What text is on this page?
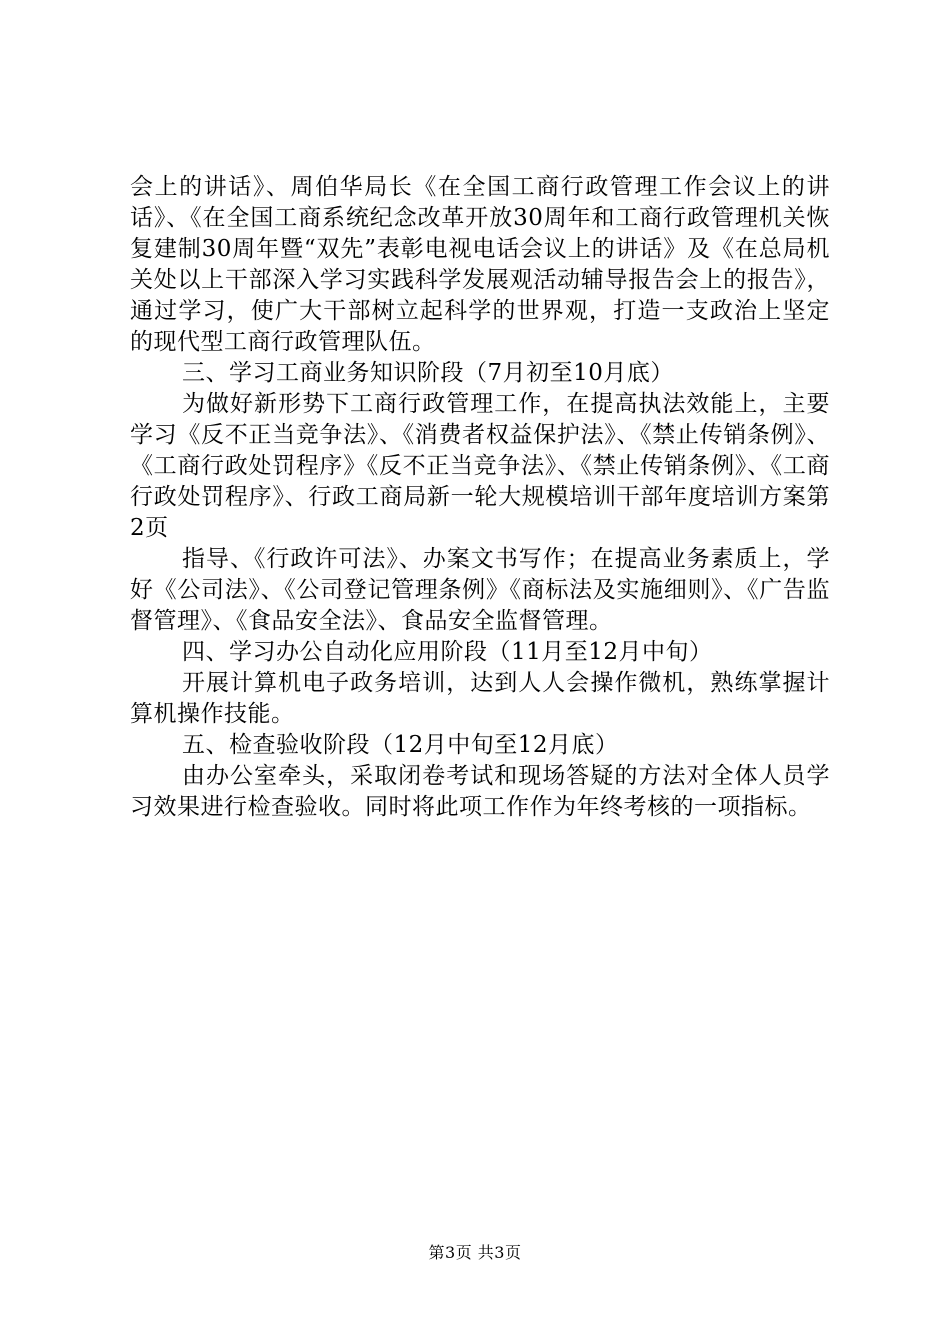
会上的讲话》、周伯华局长《在全国工商行政管理工作会议上的讲话》、《在全国工商系统纪念改革开放30周年和工商行政管理机关恢复建制30周年暨“双先”表彰电视电话会议上的讲话》及《在总局机关处以上干部深入学习实践科学发展观活动辅导报告会上的报告》，通过学习，使广大干部树立起科学的世界观，打造一支政治上坚定的现代型工商行政管理队伍。

三、学习工商业务知识阶段（7月初至10月底）

为做好新形势下工商行政管理工作，在提高执法效能上，主要学习《反不正当竞争法》、《消费者权益保护法》、《禁止传销条例》、《工商行政处罚程序》《反不正当竞争法》、《禁止传销条例》、《工商行政处罚程序》、行政工商局新一轮大规模培训干部年度培训方案第2页

指导、《行政许可法》、办案文书写作；在提高业务素质上，学好《公司法》、《公司登记管理条例》《商标法及实施细则》、《广告监督管理》、《食品安全法》、食品安全监督管理。

四、学习办公自动化应用阶段（11月至12月中旬）

开展计算机电子政务培训，达到人人会操作微机，熟练掌握计算机操作技能。

五、检查验收阶段（12月中旬至12月底）

由办公室牵头，采取闭卷考试和现场答疑的方法对全体人员学习效果进行检查验收。同时将此项工作作为年终考核的一项指标。

第3页 共3页
